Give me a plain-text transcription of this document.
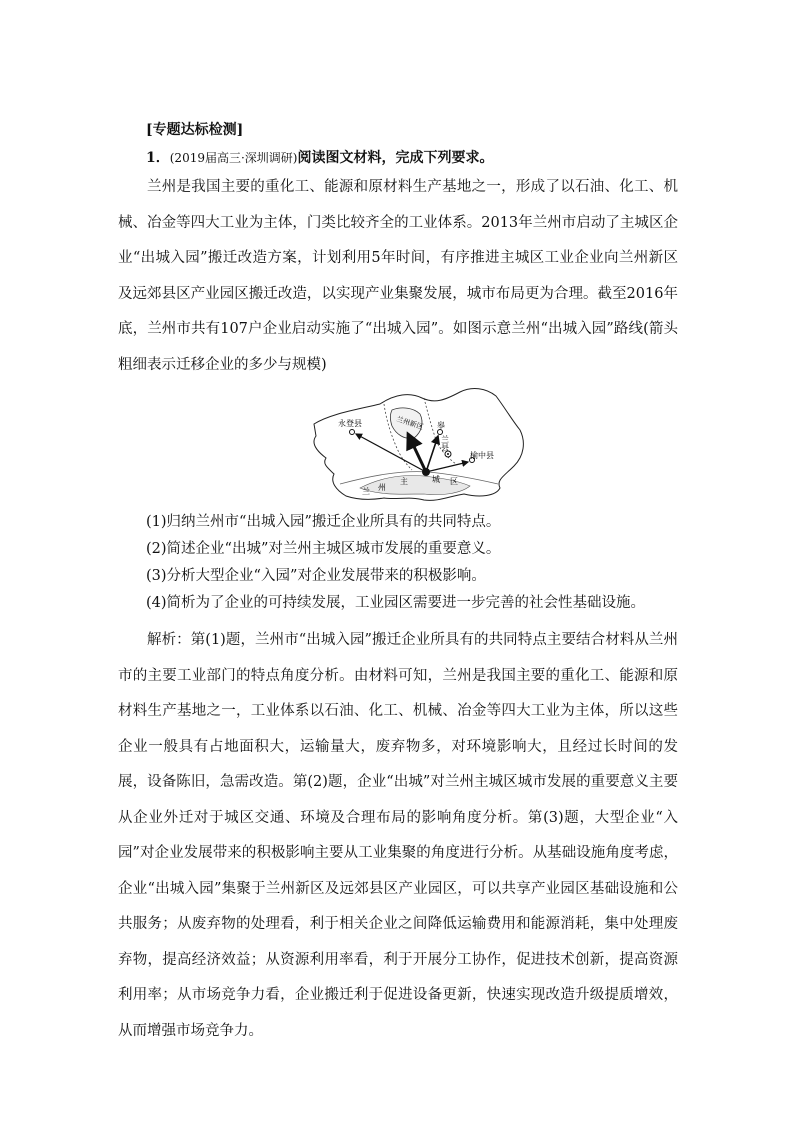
[专题达标检测]
1．(2019届高三·深圳调研)阅读图文材料，完成下列要求。
兰州是我国主要的重化工、能源和原材料生产基地之一，形成了以石油、化工、机械、冶金等四大工业为主体，门类比较齐全的工业体系。2013年兰州市启动了主城区企业“出城入园”搬迁改造方案，计划利用5年时间，有序推进主城区工业企业向兰州新区及远郊县区产业园区搬迁改造，以实现产业集聚发展，城市布局更为合理。截至2016年底，兰州市共有107户企业启动实施了“出城入园”。如图示意兰州“出城入园”路线(箭头粗细表示迁移企业的多少与规模)
永登县	兰州新区 皋
兰
县
榆中县
兰 州
主	城 区
(1)归纳兰州市“出城入园”搬迁企业所具有的共同特点。
(2)简述企业“出城”对兰州主城区城市发展的重要意义。
(3)分析大型企业“入园”对企业发展带来的积极影响。
(4)简析为了企业的可持续发展，工业园区需要进一步完善的社会性基础设施。
解析：第(1)题，兰州市“出城入园”搬迁企业所具有的共同特点主要结合材料从兰州市的主要工业部门的特点角度分析。由材料可知，兰州是我国主要的重化工、能源和原材料生产基地之一，工业体系以石油、化工、机械、冶金等四大工业为主体，所以这些企业一般具有占地面积大，运输量大，废弃物多，对环境影响大，且经过长时间的发展，设备陈旧，急需改造。第(2)题，企业“出城”对兰州主城区城市发展的重要意义主要从企业外迁对于城区交通、环境及合理布局的影响角度分析。第(3)题，大型企业“入园”对企业发展带来的积极影响主要从工业集聚的角度进行分析。从基础设施角度考虑，企业“出城入园”集聚于兰州新区及远郊县区产业园区，可以共享产业园区基础设施和公共服务；从废弃物的处理看，利于相关企业之间降低运输费用和能源消耗，集中处理废弃物，提高经济效益；从资源利用率看，利于开展分工协作，促进技术创新，提高资源利用率；从市场竞争力看，企业搬迁利于促进设备更新，快速实现改造升级提质增效，从而增强市场竞争力。
